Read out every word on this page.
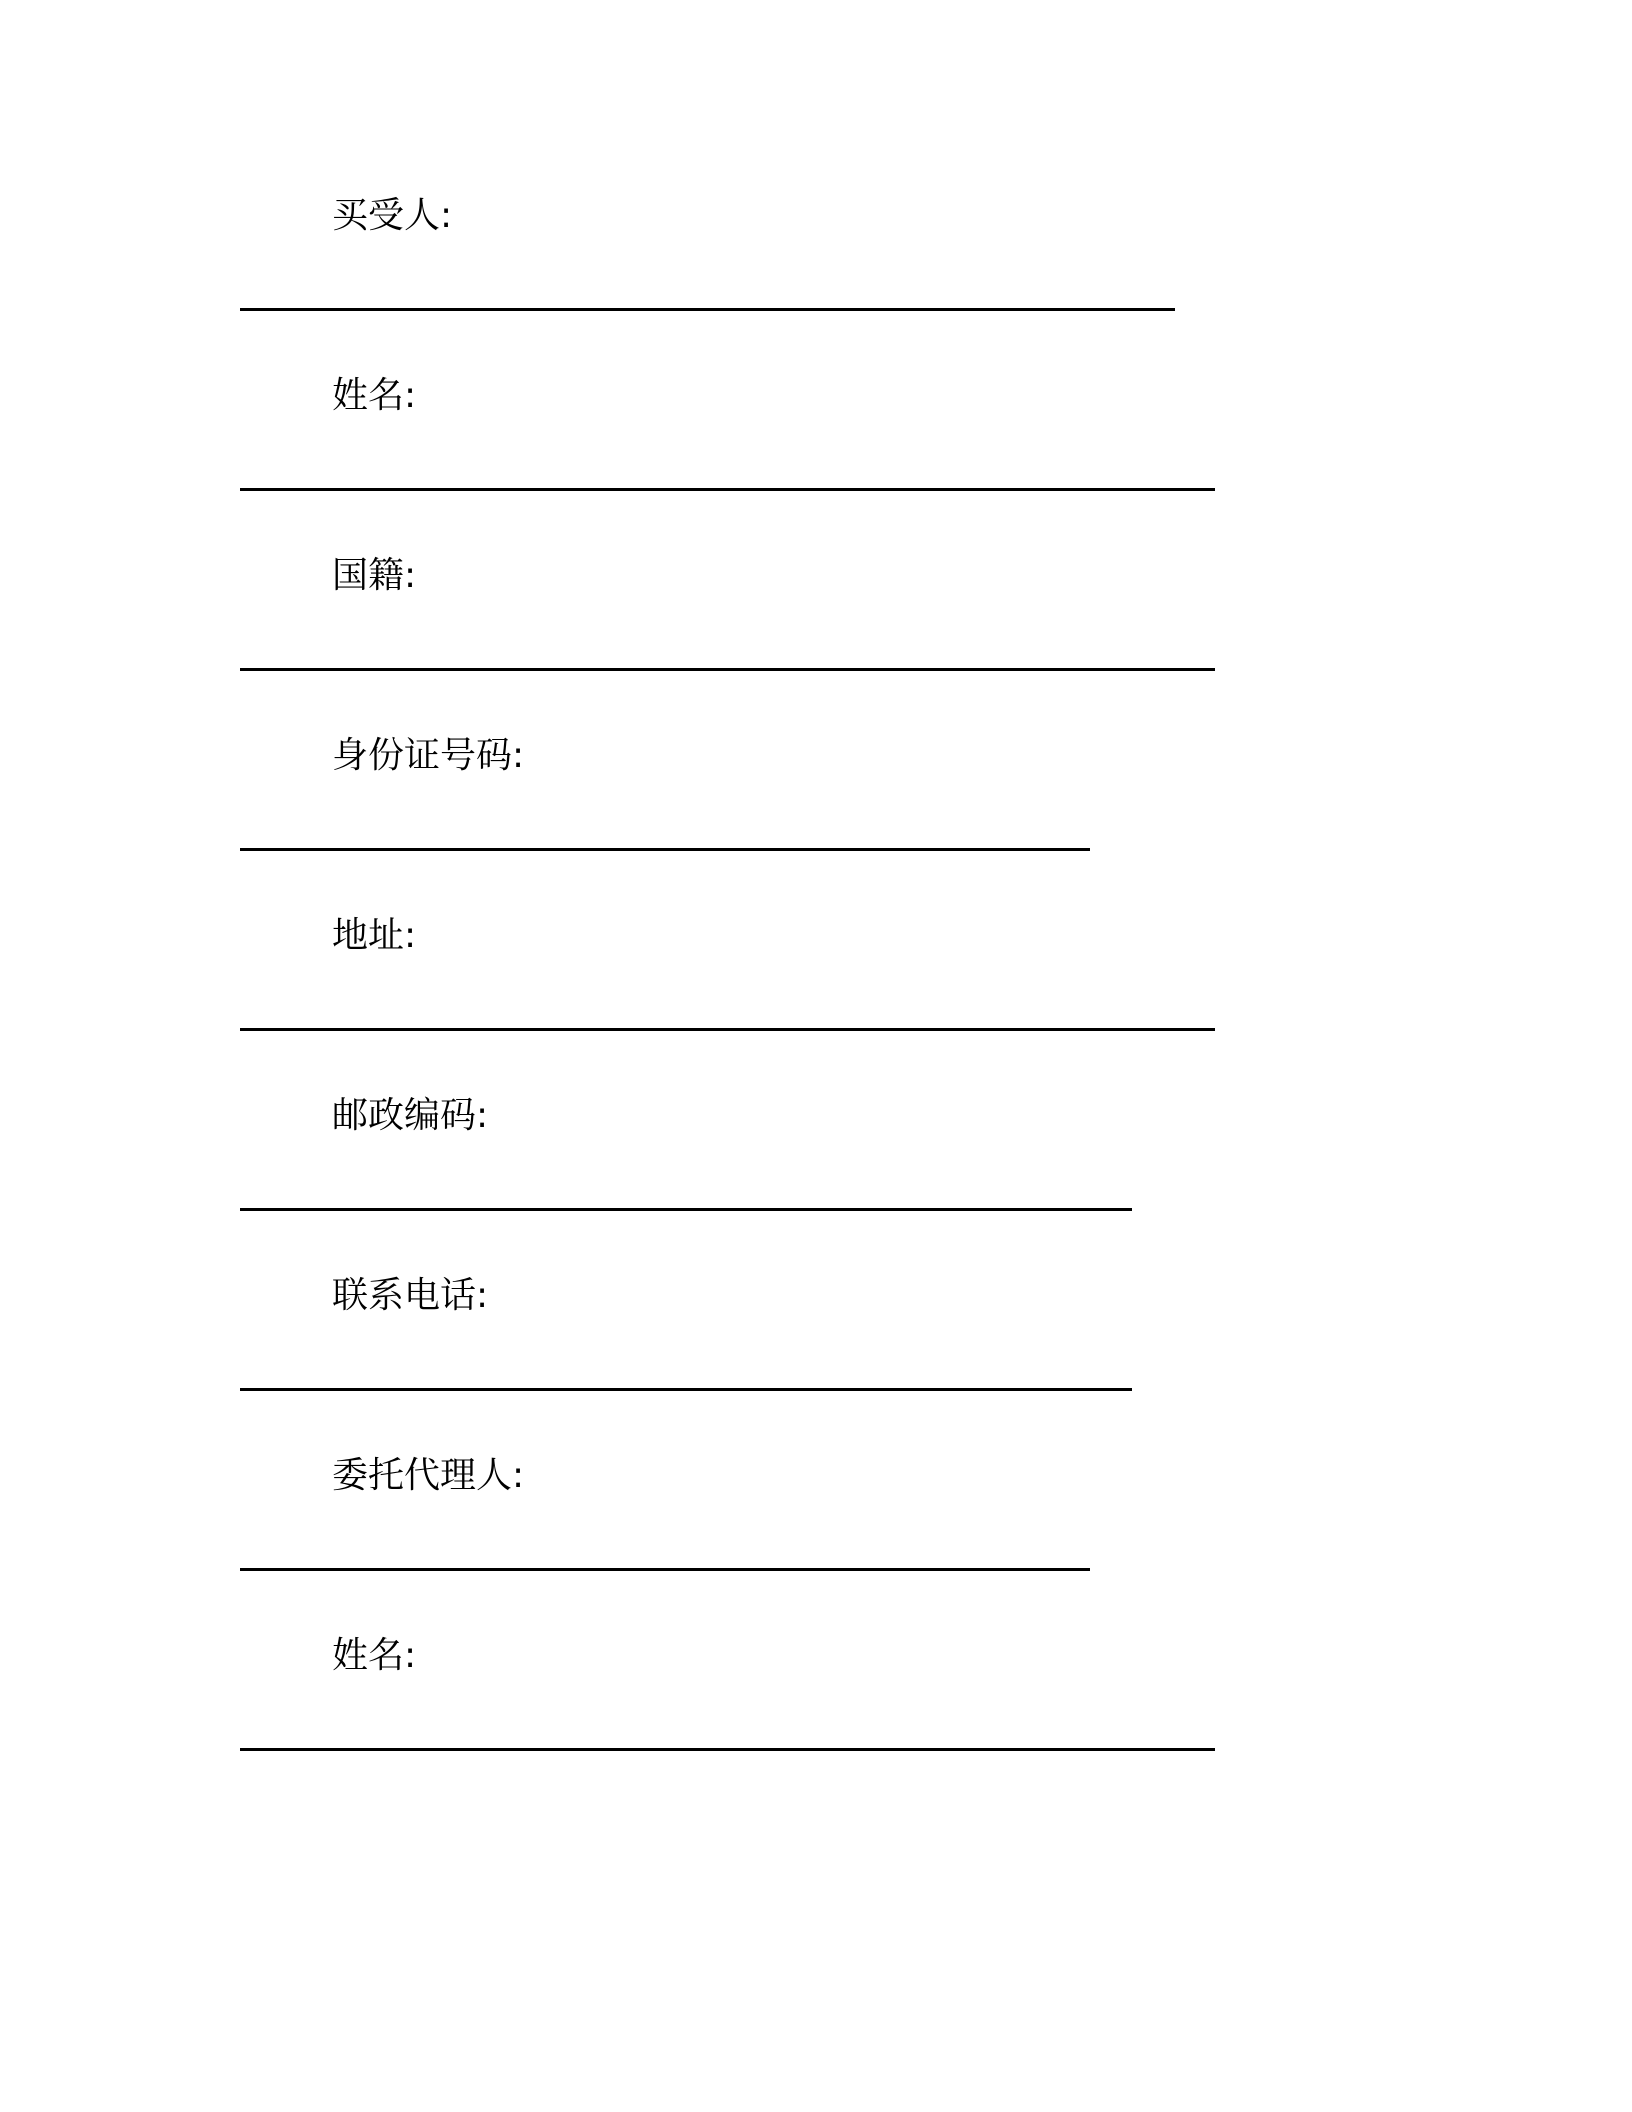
买受人:
姓名:
国籍:
身份证号码:
地址:
邮政编码:
联系电话:
委托代理人:
姓名:
